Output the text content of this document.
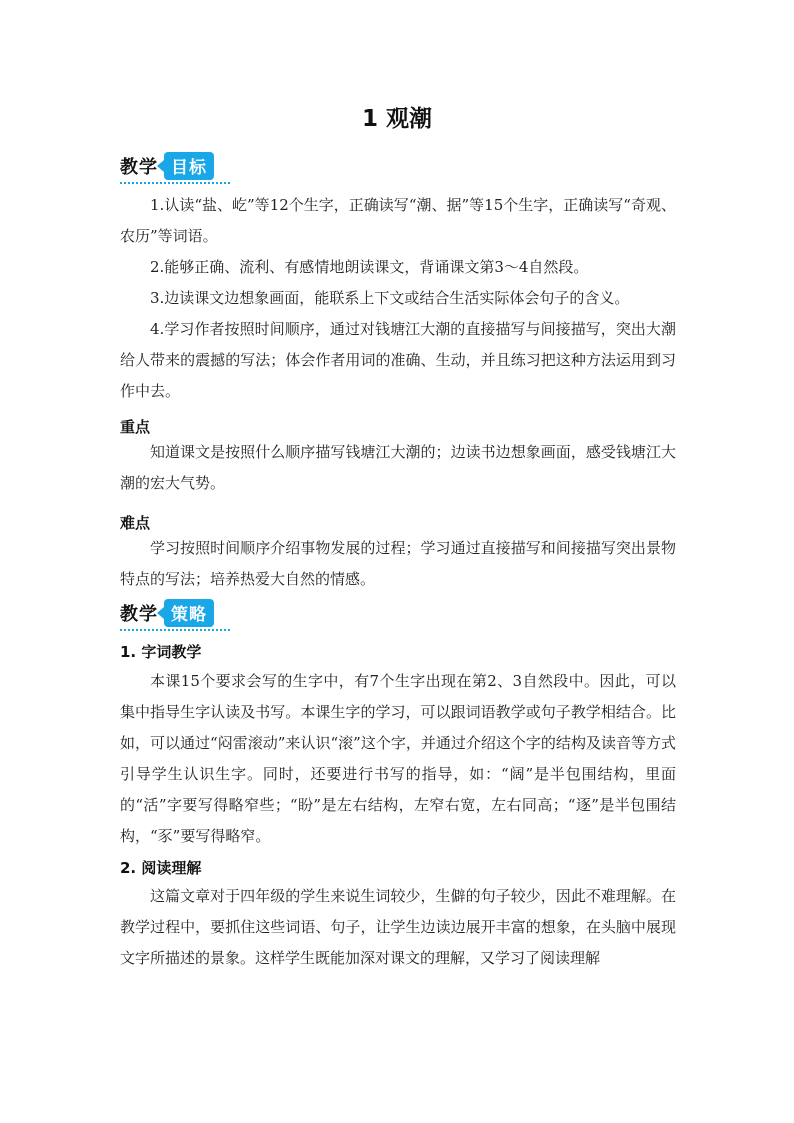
1 观潮
教学 目标

1.认读“盐、屹”等12个生字，正确读写“潮、据”等15个生字，正确读写“奇观、农历”等词语。

2.能够正确、流利、有感情地朗读课文，背诵课文第3～4自然段。

3.边读课文边想象画面，能联系上下文或结合生活实际体会句子的含义。

4.学习作者按照时间顺序，通过对钱塘江大潮的直接描写与间接描写，突出大潮给人带来的震撼的写法；体会作者用词的准确、生动，并且练习把这种方法运用到习作中去。

重点

知道课文是按照什么顺序描写钱塘江大潮的；边读书边想象画面，感受钱塘江大潮的宏大气势。

难点

学习按照时间顺序介绍事物发展的过程；学习通过直接描写和间接描写突出景物特点的写法；培养热爱大自然的情感。

教学 策略
1. 字词教学

本课15个要求会写的生字中，有7个生字出现在第2、3自然段中。因此，可以集中指导生字认读及书写。本课生字的学习，可以跟词语教学或句子教学相结合。比如，可以通过“闷雷滚动”来认识“滚”这个字，并通过介绍这个字的结构及读音等方式引导学生认识生字。同时，还要进行书写的指导，如：“阔”是半包围结构，里面的“活”字要写得略窄些；“盼”是左右结构，左窄右宽，左右同高；“逐”是半包围结构，“豕”要写得略窄。

2. 阅读理解

这篇文章对于四年级的学生来说生词较少，生僻的句子较少，因此不难理解。在教学过程中，要抓住这些词语、句子，让学生边读边展开丰富的想象，在头脑中展现文字所描述的景象。这样学生既能加深对课文的理解，又学习了阅读理解
